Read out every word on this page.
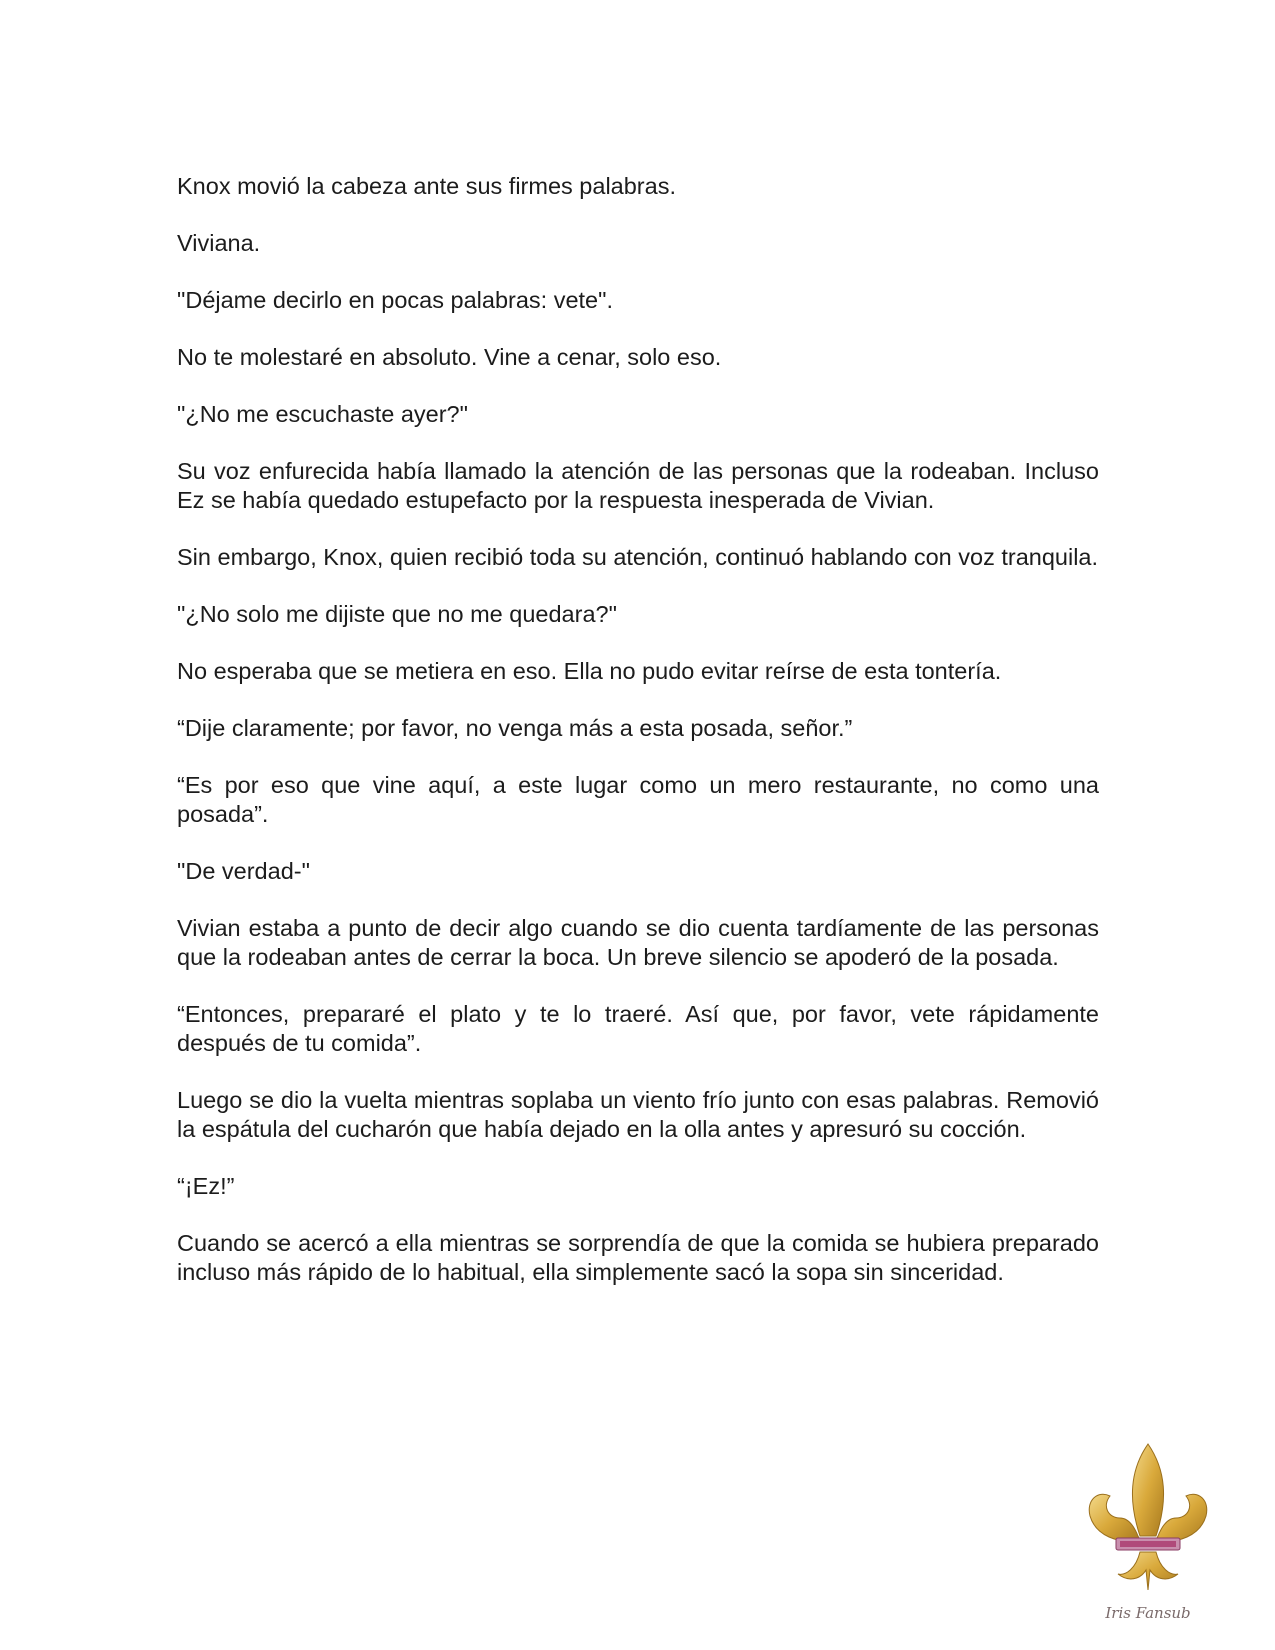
Knox movió la cabeza ante sus firmes palabras.

Viviana.

"Déjame decirlo en pocas palabras: vete".

No te molestaré en absoluto. Vine a cenar, solo eso.

"¿No me escuchaste ayer?"

Su voz enfurecida había llamado la atención de las personas que la rodeaban. Incluso Ez se había quedado estupefacto por la respuesta inesperada de Vivian.

Sin embargo, Knox, quien recibió toda su atención, continuó hablando con voz tranquila.

"¿No solo me dijiste que no me quedara?"

No esperaba que se metiera en eso. Ella no pudo evitar reírse de esta tontería.

“Dije claramente; por favor, no venga más a esta posada, señor.”

“Es por eso que vine aquí, a este lugar como un mero restaurante, no como una posada”.

"De verdad-"

Vivian estaba a punto de decir algo cuando se dio cuenta tardíamente de las personas que la rodeaban antes de cerrar la boca. Un breve silencio se apoderó de la posada.

“Entonces, prepararé el plato y te lo traeré. Así que, por favor, vete rápidamente después de tu comida”.

Luego se dio la vuelta mientras soplaba un viento frío junto con esas palabras. Removió la espátula del cucharón que había dejado en la olla antes y apresuró su cocción.

“¡Ez!”

Cuando se acercó a ella mientras se sorprendía de que la comida se hubiera preparado incluso más rápido de lo habitual, ella simplemente sacó la sopa sin sinceridad.

Iris Fansub
